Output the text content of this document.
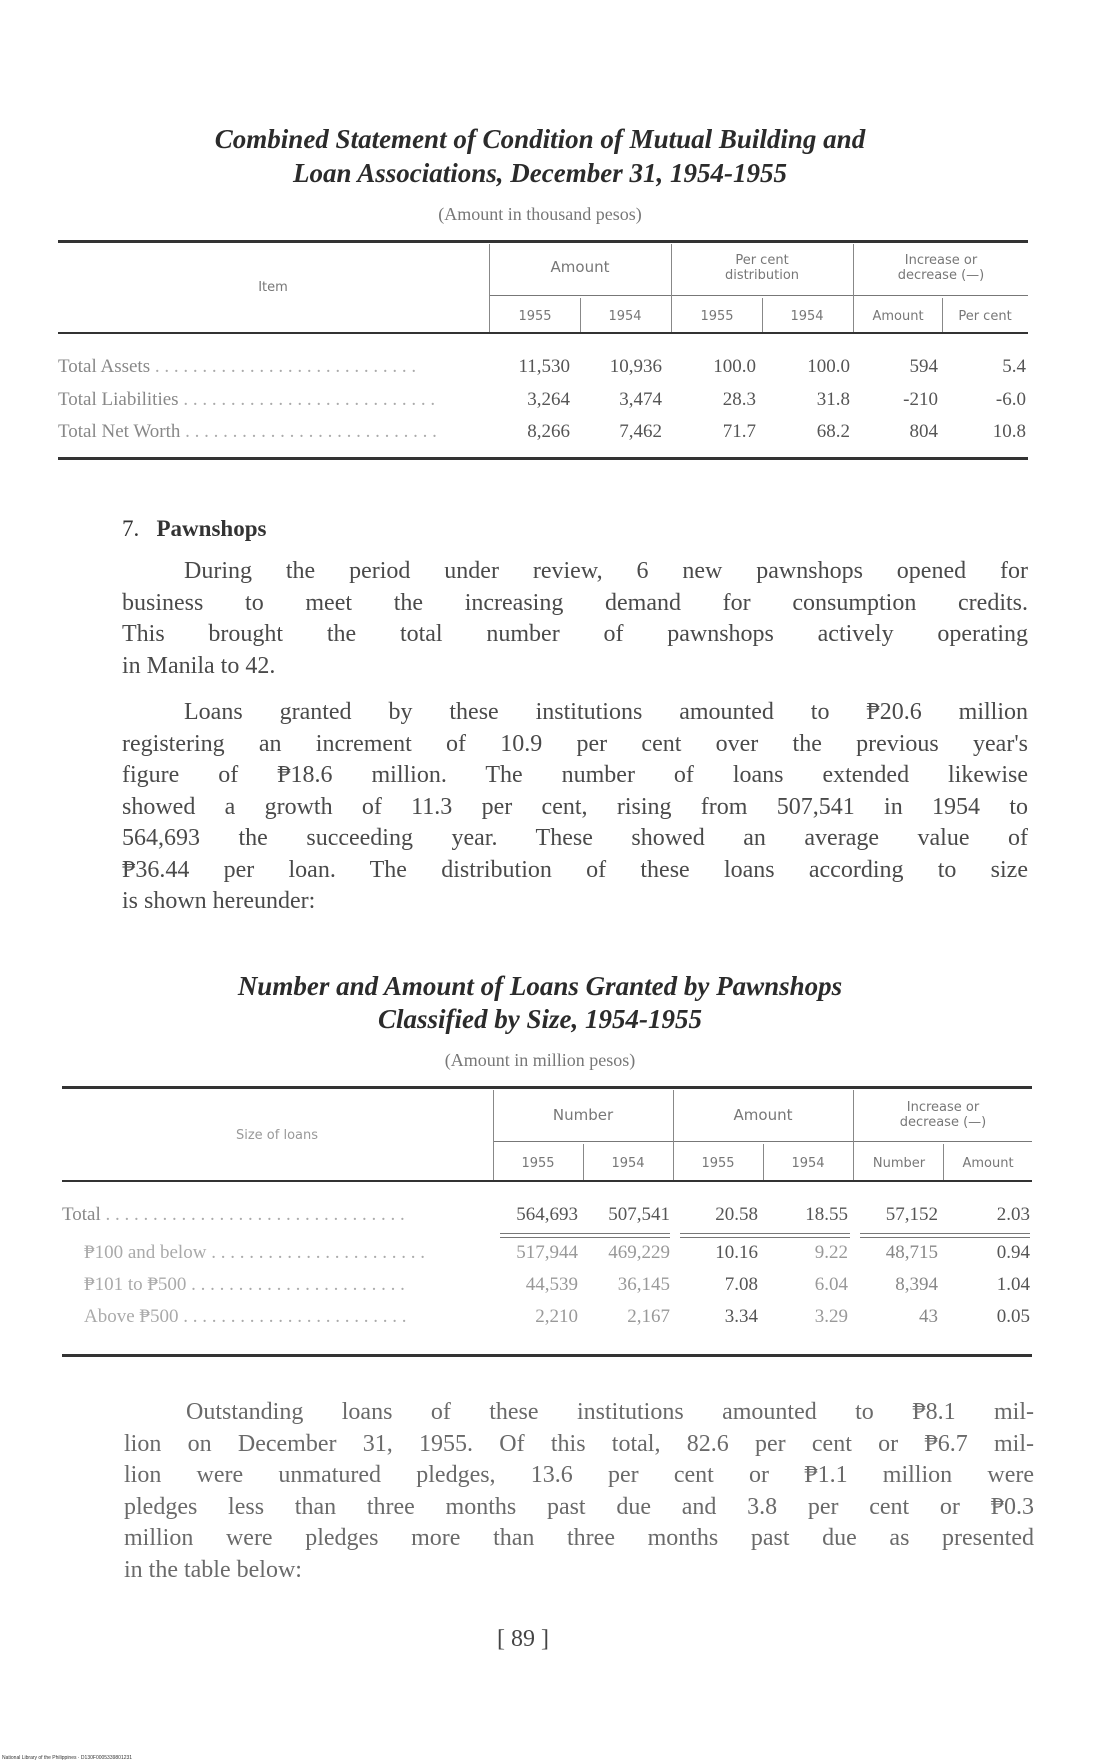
Combined Statement of Condition of Mutual Building and
Loan Associations, December 31, 1954-1955
(Amount in thousand pesos)
Item
Amount	Per cent
distribution
Increase or
decrease (—)
1955	1954	1955	1954	Amount	Per cent
Total Assets . . . . . . . . . . . . . . . . . . . . . . . . . . . .	11,530	10,936	100.0	100.0	594	5.4
Total Liabilities . . . . . . . . . . . . . . . . . . . . . . . . . . .	3,264	3,474	28.3	31.8	-210	-6.0
Total Net Worth . . . . . . . . . . . . . . . . . . . . . . . . . . .	8,266	7,462	71.7	68.2	804	10.8
7. Pawnshops
During the period under review, 6 new pawnshops opened for
business to meet the increasing demand for consumption credits.
This brought the total number of pawnshops actively operating
in Manila to 42.
Loans granted by these institutions amounted to ₱20.6 million
registering an increment of 10.9 per cent over the previous year's
figure of ₱18.6 million. The number of loans extended likewise
showed a growth of 11.3 per cent, rising from 507,541 in 1954 to
564,693 the succeeding year. These showed an average value of
₱36.44 per loan. The distribution of these loans according to size
is shown hereunder:
Number and Amount of Loans Granted by Pawnshops
Classified by Size, 1954-1955
(Amount in million pesos)
Size of loans
Number	Amount	Increase or
decrease (—)
1955	1954	1955	1954	Number	Amount
Total . . . . . . . . . . . . . . . . . . . . . . . . . . . . . . . .	564,693	507,541	20.58	18.55	57,152	2.03
₱100 and below . . . . . . . . . . . . . . . . . . . . . . .	517,944	469,229	10.16	9.22	48,715	0.94
₱101 to ₱500 . . . . . . . . . . . . . . . . . . . . . . .	44,539	36,145	7.08	6.04	8,394	1.04
Above ₱500 . . . . . . . . . . . . . . . . . . . . . . . .	2,210	2,167	3.34	3.29	43	0.05
Outstanding loans of these institutions amounted to ₱8.1 mil-
lion on December 31, 1955. Of this total, 82.6 per cent or ₱6.7 mil-
lion were unmatured pledges, 13.6 per cent or ₱1.1 million were
pledges less than three months past due and 3.8 per cent or ₱0.3
million were pledges more than three months past due as presented
in the table below:
[ 89 ]
National Library of the Philippines · D130F0005339801231
